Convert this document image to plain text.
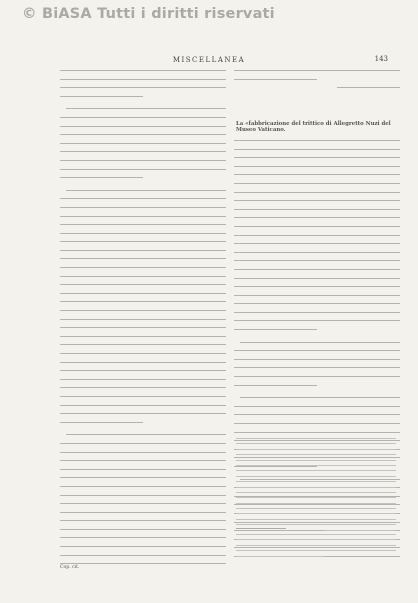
© BiASA Tutti i diritti riservati
MISCELLANEA	143
La «fabbricazione del trittico di Allegretto Nuzi del Museo Vaticano.
Cop. cit.
